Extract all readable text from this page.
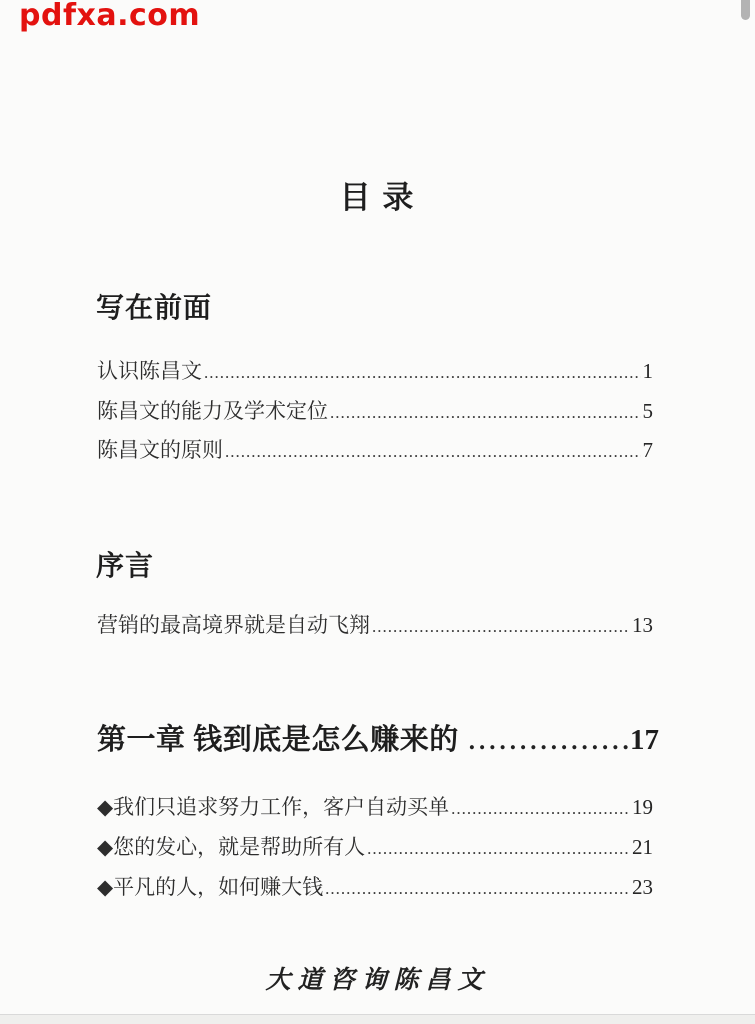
pdfxa.com
目 录
写在前面
认识陈昌文 .....	1
陈昌文的能力及学术定位 .....	5
陈昌文的原则 .....	7
序言
营销的最高境界就是自动飞翔 .....	13
第一章 钱到底是怎么赚来的 .....	17
◆我们只追求努力工作，客户自动买单 .....	19
◆您的发心，就是帮助所有人 .....	21
◆平凡的人，如何赚大钱 .....	23
大道咨询陈昌文
